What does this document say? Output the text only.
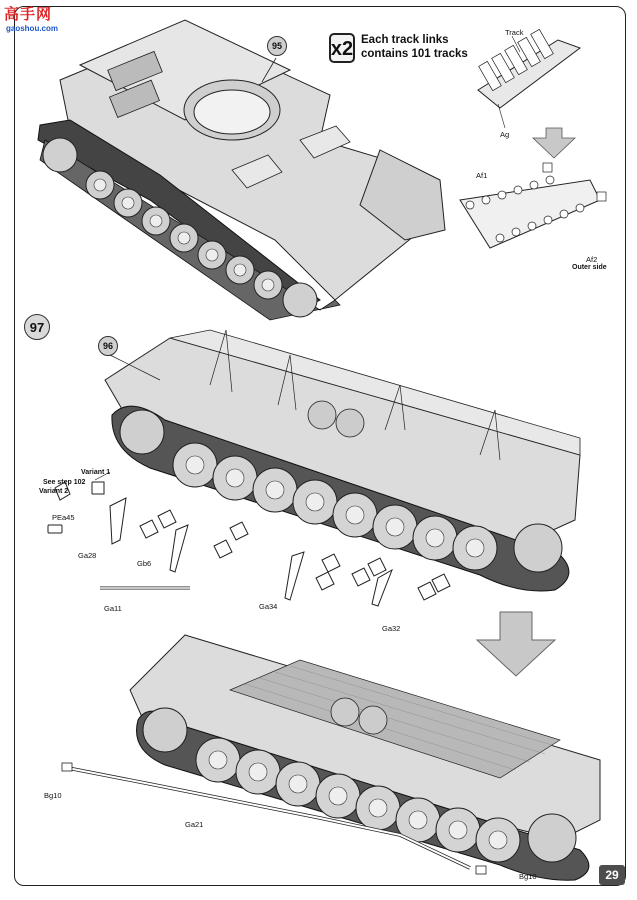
高手网
gaoshou.com
95 x2 Each track links contains 101 tracks
Track
Ag
Af1
Af2
Outer side
97
96
Variant 1
See step 102
Variant 2
PEa45
Ga28
Gb6
Ga11	Ga34
Ga32
Bg10
Ga21
Bg10	29
